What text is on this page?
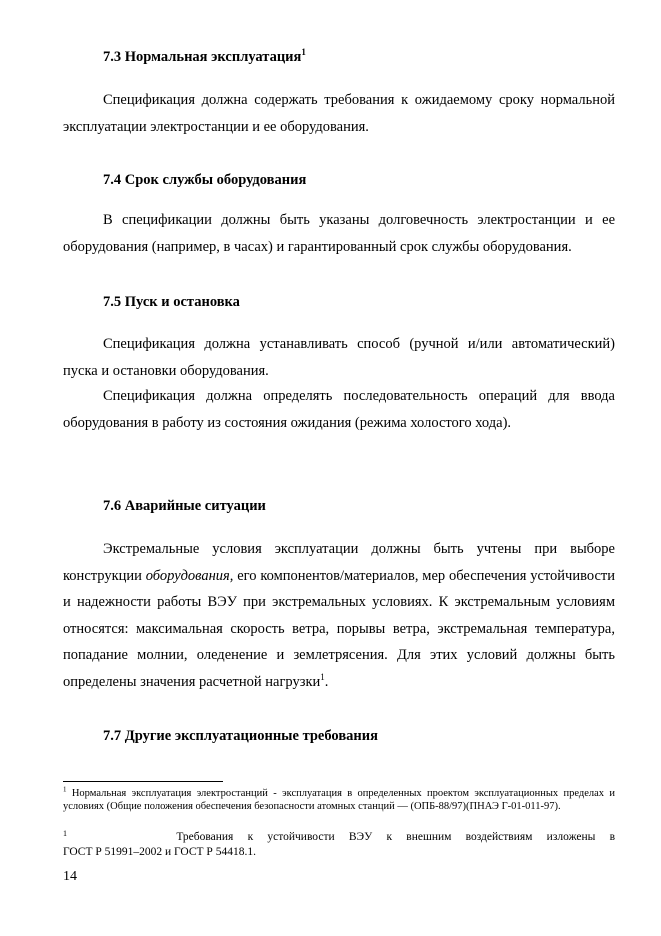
7.3 Нормальная эксплуатация$^1$
Спецификация должна содержать требования к ожидаемому сроку нормальной эксплуатации электростанции и ее оборудования.
7.4 Срок службы оборудования
В спецификации должны быть указаны долговечность электростанции и ее оборудования (например, в часах) и гарантированный срок службы оборудования.
7.5 Пуск и остановка
Спецификация должна устанавливать способ (ручной и/или автоматический) пуска и остановки оборудования.
Спецификация должна определять последовательность операций для ввода оборудования в работу из состояния ожидания (режима холостого хода).
7.6 Аварийные ситуации
Экстремальные условия эксплуатации должны быть учтены при выборе конструкции оборудования, его компонентов/материалов, мер обеспечения устойчивости и надежности работы ВЭУ при экстремальных условиях. К экстремальным условиям относятся: максимальная скорость ветра, порывы ветра, экстремальная температура, попадание молнии, оледенение и землетрясения. Для этих условий должны быть определены значения расчетной нагрузки$^1$.
7.7 Другие эксплуатационные требования
$^1$ Нормальная эксплуатация электростанций - эксплуатация в определенных проектом эксплуатационных пределах и условиях (Общие положения обеспечения безопасности атомных станций — (ОПБ-88/97)(ПНАЭ Г-01-011-97).
1	Требования к устойчивости ВЭУ к внешним воздействиям изложены в
ГОСТ Р 51991–2002 и ГОСТ Р 54418.1.
14
